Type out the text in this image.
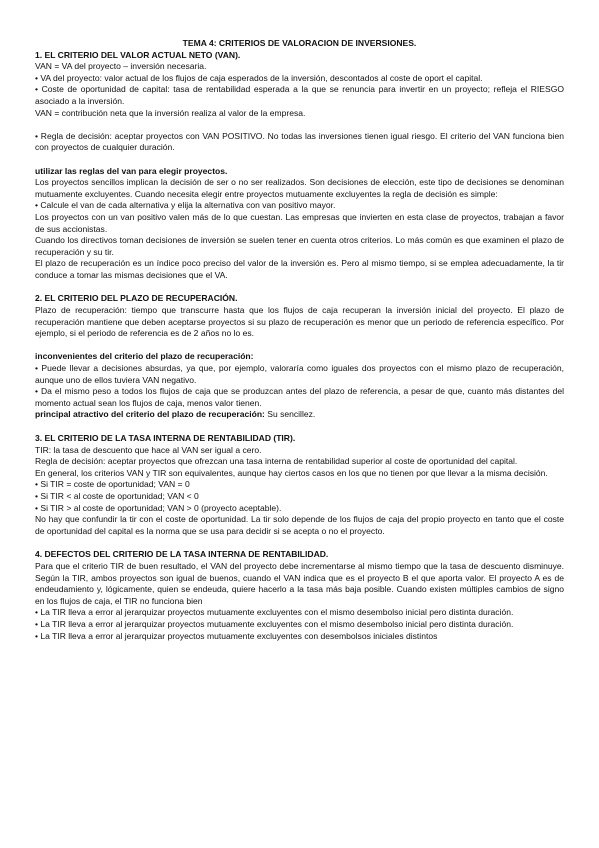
TEMA 4: CRITERIOS DE VALORACION DE INVERSIONES.

1. EL CRITERIO DEL VALOR ACTUAL NETO (VAN).

VAN = VA del proyecto – inversión necesaria.

• VA del proyecto: valor actual de los flujos de caja esperados de la inversión, descontados al coste de oport el capital.

• Coste de oportunidad de capital: tasa de rentabilidad esperada a la que se renuncia para invertir en un proyecto; refleja el RIESGO asociado a la inversión.

VAN = contribución neta que la inversión realiza al valor de la empresa.

• Regla de decisión: aceptar proyectos con VAN POSITIVO. No todas las inversiones tienen igual riesgo. El criterio del VAN funciona bien con proyectos de cualquier duración.

utilizar las reglas del van para elegir proyectos.

Los proyectos sencillos implican la decisión de ser o no ser realizados. Son decisiones de elección, este tipo de decisiones se denominan mutuamente excluyentes. Cuando necesita elegir entre proyectos mutuamente excluyentes la regla de decisión es simple:

• Calcule el van de cada alternativa y elija la alternativa con van positivo mayor.

Los proyectos con un van positivo valen más de lo que cuestan. Las empresas que invierten en esta clase de proyectos, trabajan a favor de sus accionistas.

Cuando los directivos toman decisiones de inversión se suelen tener en cuenta otros criterios. Lo más común es que examinen el plazo de recuperación y su tir.

El plazo de recuperación es un índice poco preciso del valor de la inversión es. Pero al mismo tiempo, si se emplea adecuadamente, la tir conduce a tomar las mismas decisiones que el VA.

2. EL CRITERIO DEL PLAZO DE RECUPERACIÓN.

Plazo de recuperación: tiempo que transcurre hasta que los flujos de caja recuperan la inversión inicial del proyecto. El plazo de recuperación mantiene que deben aceptarse proyectos si su plazo de recuperación es menor que un periodo de referencia específico. Por ejemplo, si el periodo de referencia es de 2 años no lo es.

inconvenientes del criterio del plazo de recuperación:

• Puede llevar a decisiones absurdas, ya que, por ejemplo, valoraría como iguales dos proyectos con el mismo plazo de recuperación, aunque uno de ellos tuviera VAN negativo.

• Da el mismo peso a todos los flujos de caja que se produzcan antes del plazo de referencia, a pesar de que, cuanto más distantes del momento actual sean los flujos de caja, menos valor tienen.

principal atractivo del criterio del plazo de recuperación: Su sencillez.

3. EL CRITERIO DE LA TASA INTERNA DE RENTABILIDAD (TIR).

TIR: la tasa de descuento que hace al VAN ser igual a cero.

Regla de decisión: aceptar proyectos que ofrezcan una tasa interna de rentabilidad superior al coste de oportunidad del capital.

En general, los criterios VAN y TIR son equivalentes, aunque hay ciertos casos en los que no tienen por que llevar a la misma decisión.

• Si TIR = coste de oportunidad; VAN = 0

• Si TIR < al coste de oportunidad; VAN < 0

• Si TIR > al coste de oportunidad; VAN > 0 (proyecto aceptable).

No hay que confundir la tir con el coste de oportunidad. La tir solo depende de los flujos de caja del propio proyecto en tanto que el coste de oportunidad del capital es la norma que se usa para decidir si se acepta o no el proyecto.

4. DEFECTOS DEL CRITERIO DE LA TASA INTERNA DE RENTABILIDAD.

Para que el criterio TIR de buen resultado, el VAN del proyecto debe incrementarse al mismo tiempo que la tasa de descuento disminuye. Según la TIR, ambos proyectos son igual de buenos, cuando el VAN indica que es el proyecto B el que aporta valor. El proyecto A es de endeudamiento y, lógicamente, quien se endeuda, quiere hacerlo a la tasa más baja posible. Cuando existen múltiples cambios de signo en los flujos de caja, el TIR no funciona bien

• La TIR lleva a error al jerarquizar proyectos mutuamente excluyentes con el mismo desembolso inicial pero distinta duración.

• La TIR lleva a error al jerarquizar proyectos mutuamente excluyentes con el mismo desembolso inicial pero distinta duración.

• La TIR lleva a error al jerarquizar proyectos mutuamente excluyentes con desembolsos iniciales distintos
